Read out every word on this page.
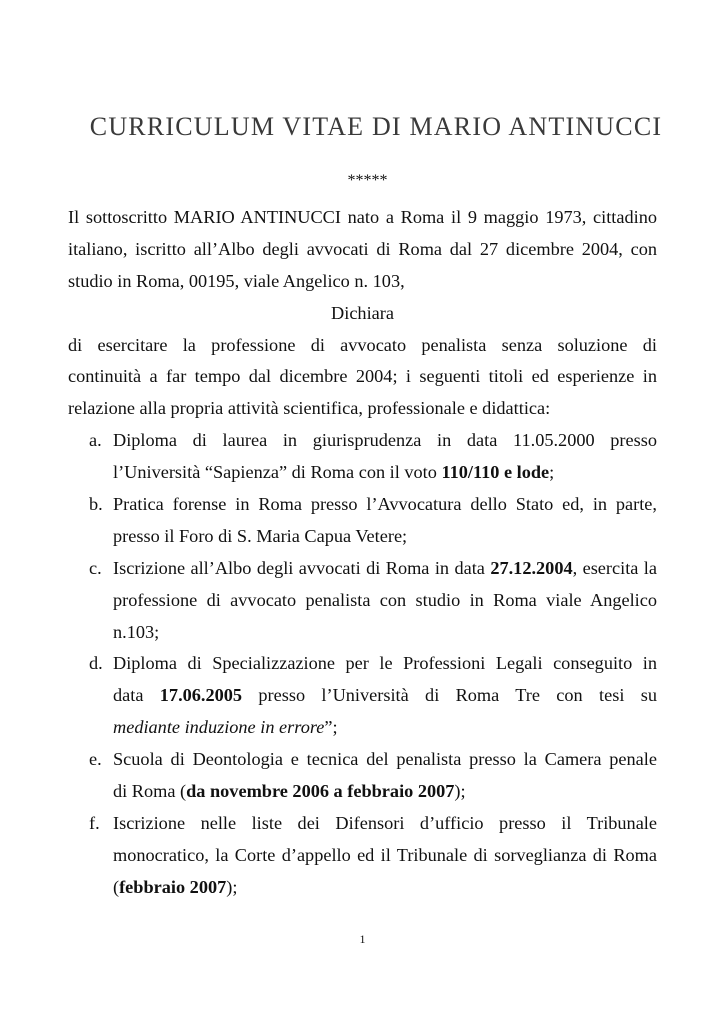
CURRICULUM VITAE DI MARIO ANTINUCCI
*****
Il sottoscritto MARIO ANTINUCCI nato a Roma il 9 maggio 1973, cittadino
italiano, iscritto all’Albo degli avvocati di Roma dal 27 dicembre 2004, con
studio in Roma, 00195, viale Angelico n. 103,
Dichiara
di esercitare la professione di avvocato penalista senza soluzione di
continuità a far tempo dal dicembre 2004; i seguenti titoli ed esperienze in
relazione alla propria attività scientifica, professionale e didattica:
a. Diploma di laurea in giurisprudenza in data 11.05.2000 presso
l’Università “Sapienza” di Roma con il voto 110/110 e lode;
b. Pratica forense in Roma presso l’Avvocatura dello Stato ed, in parte,
presso il Foro di S. Maria Capua Vetere;
c. Iscrizione all’Albo degli avvocati di Roma in data 27.12.2004, esercita la
professione di avvocato penalista con studio in Roma viale Angelico
n.103;
d. Diploma di Specializzazione per le Professioni Legali conseguito in
data 17.06.2005 presso l’Università di Roma Tre con tesi su
mediante induzione in errore”;
e. Scuola di Deontologia e tecnica del penalista presso la Camera penale
di Roma (da novembre 2006 a febbraio 2007);
f. Iscrizione nelle liste dei Difensori d’ufficio presso il Tribunale
monocratico, la Corte d’appello ed il Tribunale di sorveglianza di Roma
(febbraio 2007);
1
